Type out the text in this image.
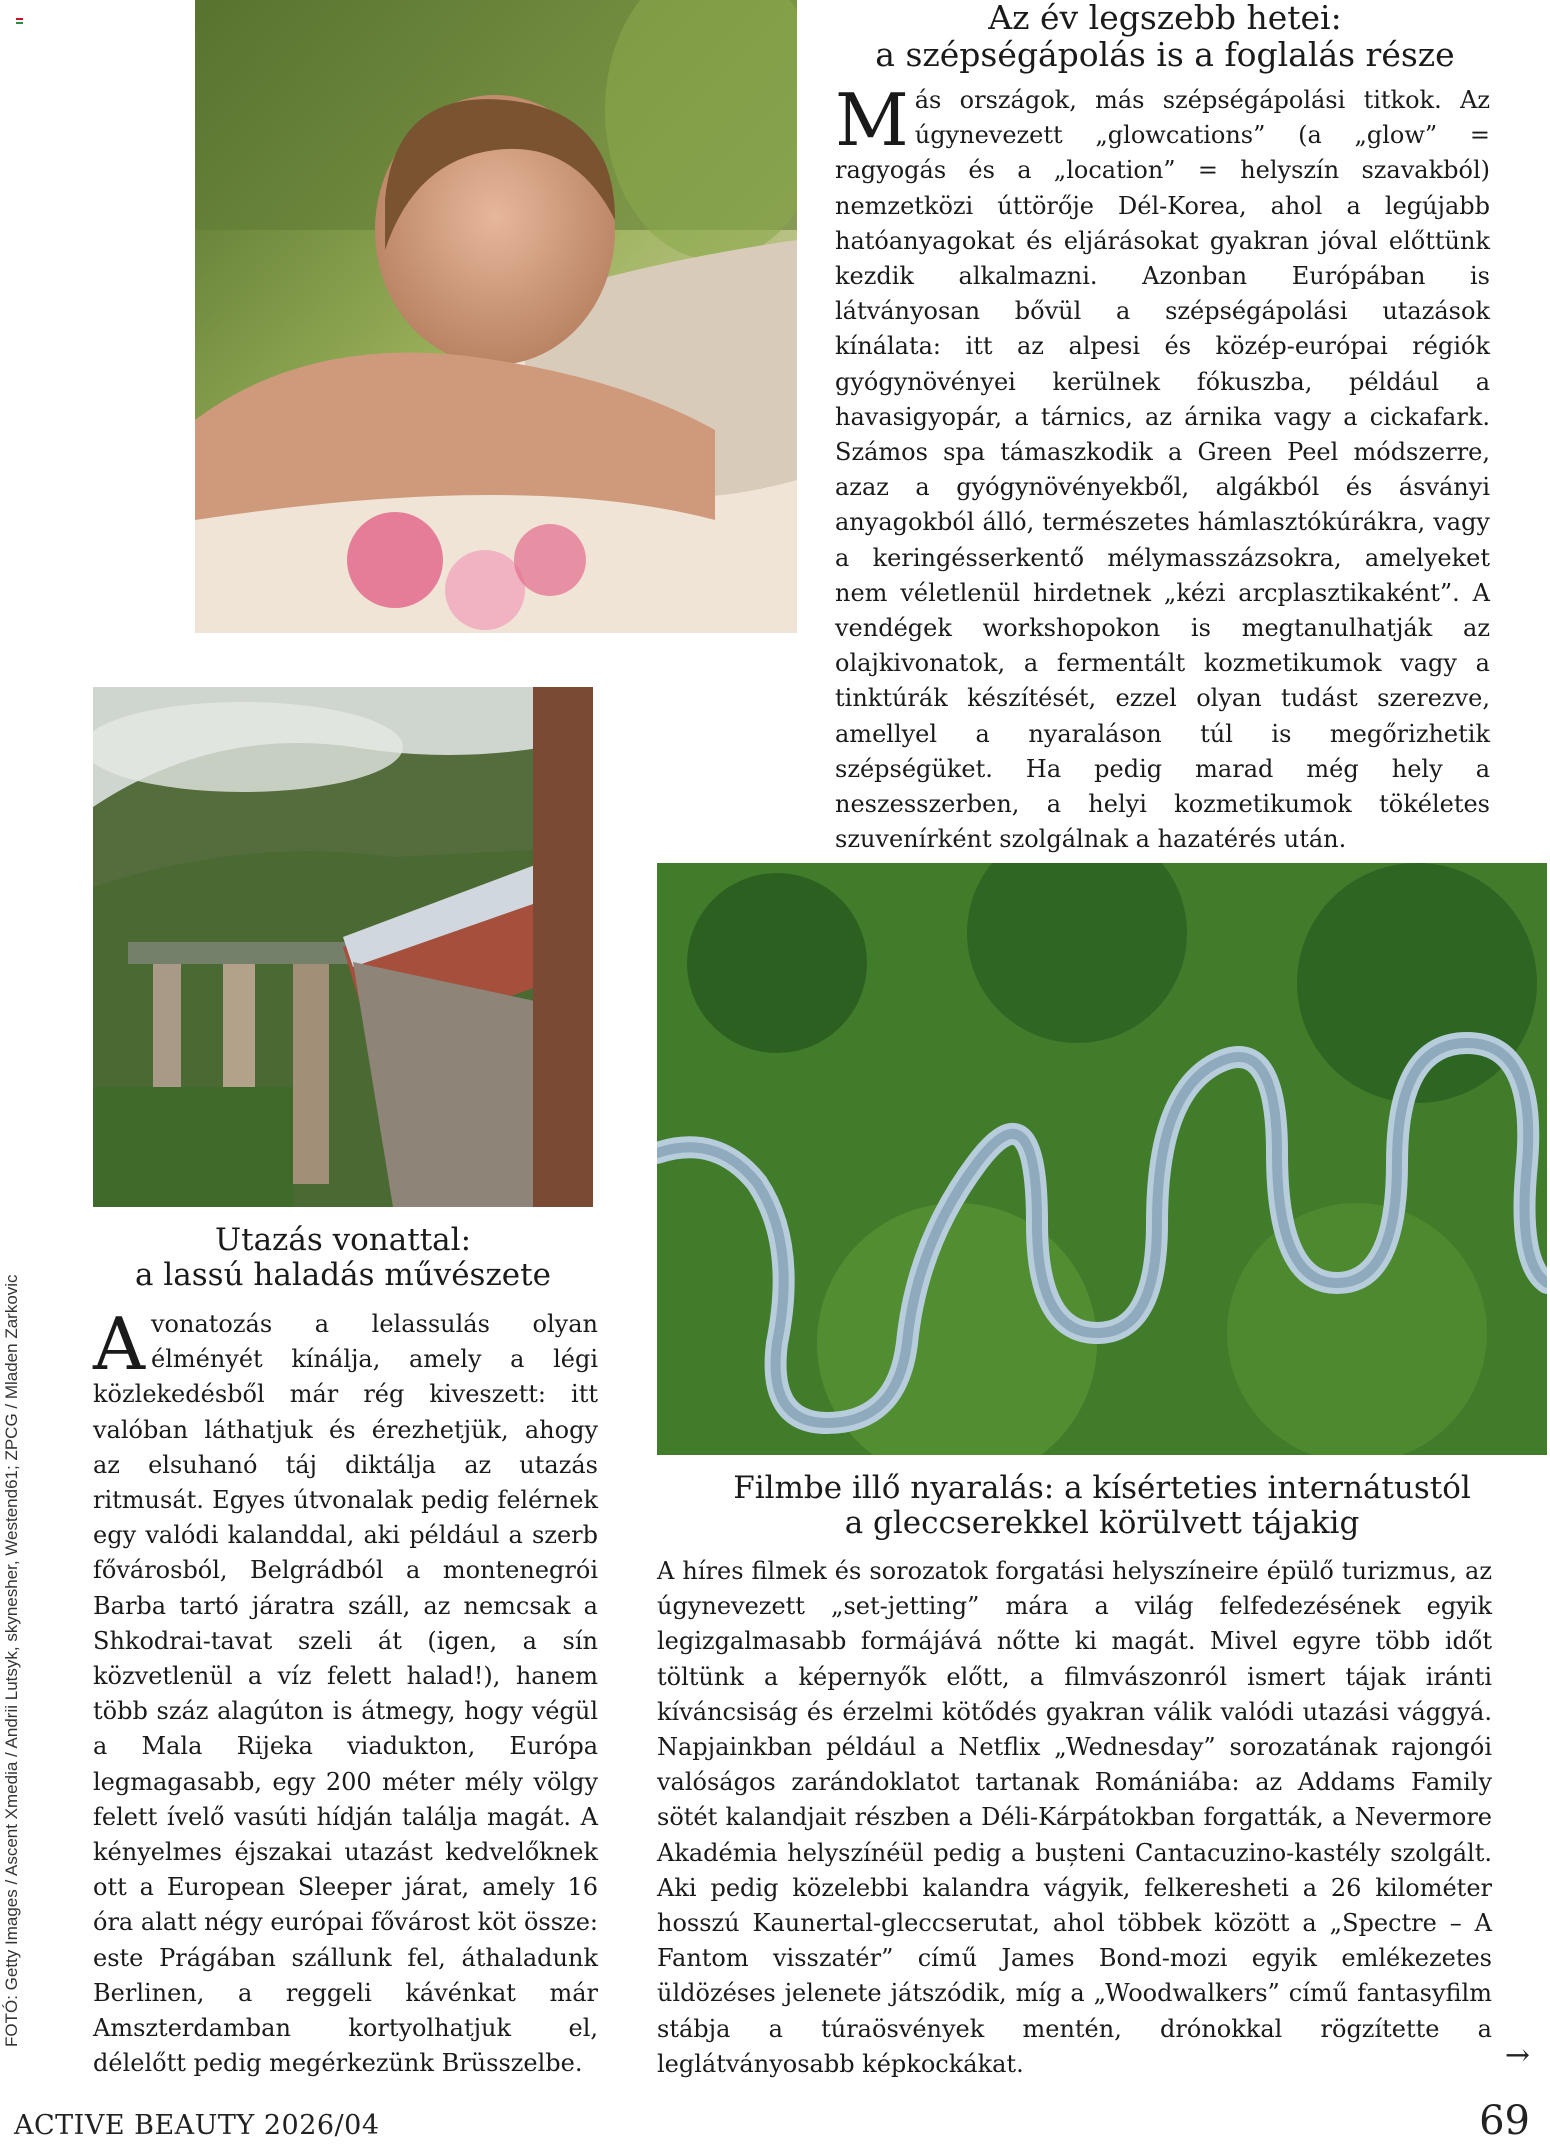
FOTÓ: Getty Images / Ascent Xmedia / Andrii Lutsyk, skynesher, Westend61; ZPCG / Mladen Zarkovic
Az év legszebb hetei:
a szépségápolás is a foglalás része

Más országok, más szépségápolási titkok. Az úgynevezett „glowcations” (a „glow” = ragyogás és a „location” = helyszín szavakból) nemzetközi úttörője Dél-Korea, ahol a legújabb hatóanyagokat és eljárásokat gyakran jóval előttünk kezdik alkalmazni. Azonban Európában is látványosan bővül a szépségápolási utazások kínálata: itt az alpesi és közép-európai régiók gyógynövényei kerülnek fókuszba, például a havasigyopár, a tárnics, az árnika vagy a cickafark. Számos spa támaszkodik a Green Peel módszerre, azaz a gyógynövényekből, algákból és ásványi anyagokból álló, természetes hámlasztókúrákra, vagy a keringésserkentő mélymasszázsokra, amelyeket nem véletlenül hirdetnek „kézi arcplasztikaként”. A vendégek workshopokon is megtanulhatják az olajkivonatok, a fermentált kozmetikumok vagy a tinktúrák készítését, ezzel olyan tudást szerezve, amellyel a nyaraláson túl is megőrizhetik szépségüket. Ha pedig marad még hely a neszesszerben, a helyi kozmetikumok tökéletes szuvenírként szolgálnak a hazatérés után.

Utazás vonattal:
a lassú haladás művészete

A vonatozás a lelassulás olyan élményét kínálja, amely a légi közlekedésből már rég kiveszett: itt valóban láthatjuk és érezhetjük, ahogy az elsuhanó táj diktálja az utazás ritmusát. Egyes útvonalak pedig felérnek egy valódi kalanddal, aki például a szerb fővárosból, Belgrádból a montenegrói Barba tartó járatra száll, az nemcsak a Shkodrai-tavat szeli át (igen, a sín közvetlenül a víz felett halad!), hanem több száz alagúton is átmegy, hogy végül a Mala Rijeka viadukton, Európa legmagasabb, egy 200 méter mély völgy felett ívelő vasúti hídján találja magát. A kényelmes éjszakai utazást kedvelőknek ott a European Sleeper járat, amely 16 óra alatt négy európai fővárost köt össze: este Prágában szállunk fel, áthaladunk Berlinen, a reggeli kávénkat már Amszterdamban kortyolhatjuk el, délelőtt pedig megérkezünk Brüsszelbe.

Filmbe illő nyaralás: a kísérteties internátustól
a gleccserekkel körülvett tájakig

A híres filmek és sorozatok forgatási helyszíneire épülő turizmus, az úgynevezett „set-jetting” mára a világ felfedezésének egyik legizgalmasabb formájává nőtte ki magát. Mivel egyre több időt töltünk a képernyők előtt, a filmvászonról ismert tájak iránti kíváncsiság és érzelmi kötődés gyakran válik valódi utazási vággyá. Napjainkban például a Netflix „Wednesday” sorozatának rajongói valóságos zarándoklatot tartanak Romániába: az Addams Family sötét kalandjait részben a Déli-Kárpátokban forgatták, a Nevermore Akadémia helyszínéül pedig a bușteni Cantacuzino-kastély szolgált. Aki pedig közelebbi kalandra vágyik, felkeresheti a 26 kilométer hosszú Kaunertal-gleccserutat, ahol többek között a „Spectre – A Fantom visszatér” című James Bond-mozi egyik emlékezetes üldözéses jelenete játszódik, míg a „Woodwalkers” című fantasyfilm stábja a túraösvények mentén, drónokkal rögzítette a leglátványosabb képkockákat.	→
ACTIVE BEAUTY 2026/04	69
